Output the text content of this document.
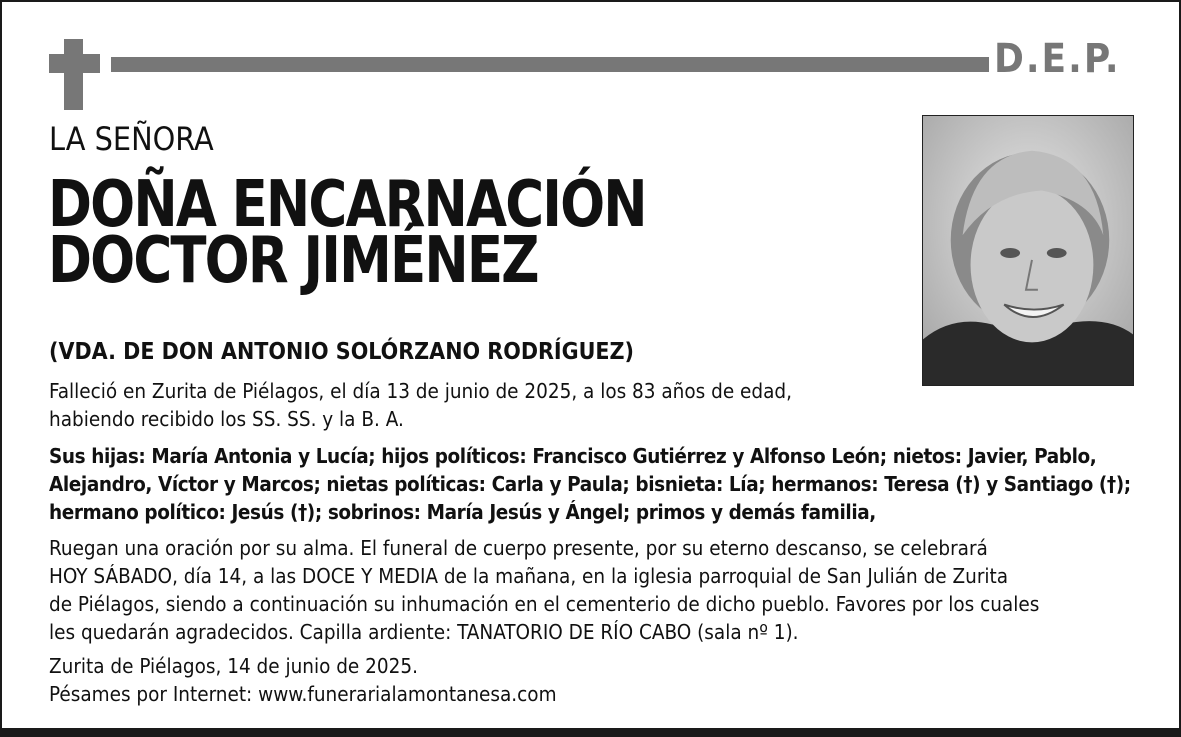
D.E.P.
LA SEÑORA
DOÑA ENCARNACIÓN
DOCTOR JIMÉNEZ
(VDA. DE DON ANTONIO SOLÓRZANO RODRÍGUEZ)

Falleció en Zurita de Piélagos, el día 13 de junio de 2025, a los 83 años de edad,
habiendo recibido los SS. SS. y la B. A.

Sus hijas: María Antonia y Lucía; hijos políticos: Francisco Gutiérrez y Alfonso León; nietos: Javier, Pablo,
Alejandro, Víctor y Marcos; nietas políticas: Carla y Paula; bisnieta: Lía; hermanos: Teresa (†) y Santiago (†);
hermano político: Jesús (†); sobrinos: María Jesús y Ángel; primos y demás familia,

Ruegan una oración por su alma. El funeral de cuerpo presente, por su eterno descanso, se celebrará
HOY SÁBADO, día 14, a las DOCE Y MEDIA de la mañana, en la iglesia parroquial de San Julián de Zurita
de Piélagos, siendo a continuación su inhumación en el cementerio de dicho pueblo. Favores por los cuales
les quedarán agradecidos. Capilla ardiente: TANATORIO DE RÍO CABO (sala nº 1).

Zurita de Piélagos, 14 de junio de 2025.
Pésames por Internet: www.funerarialamontanesa.com
